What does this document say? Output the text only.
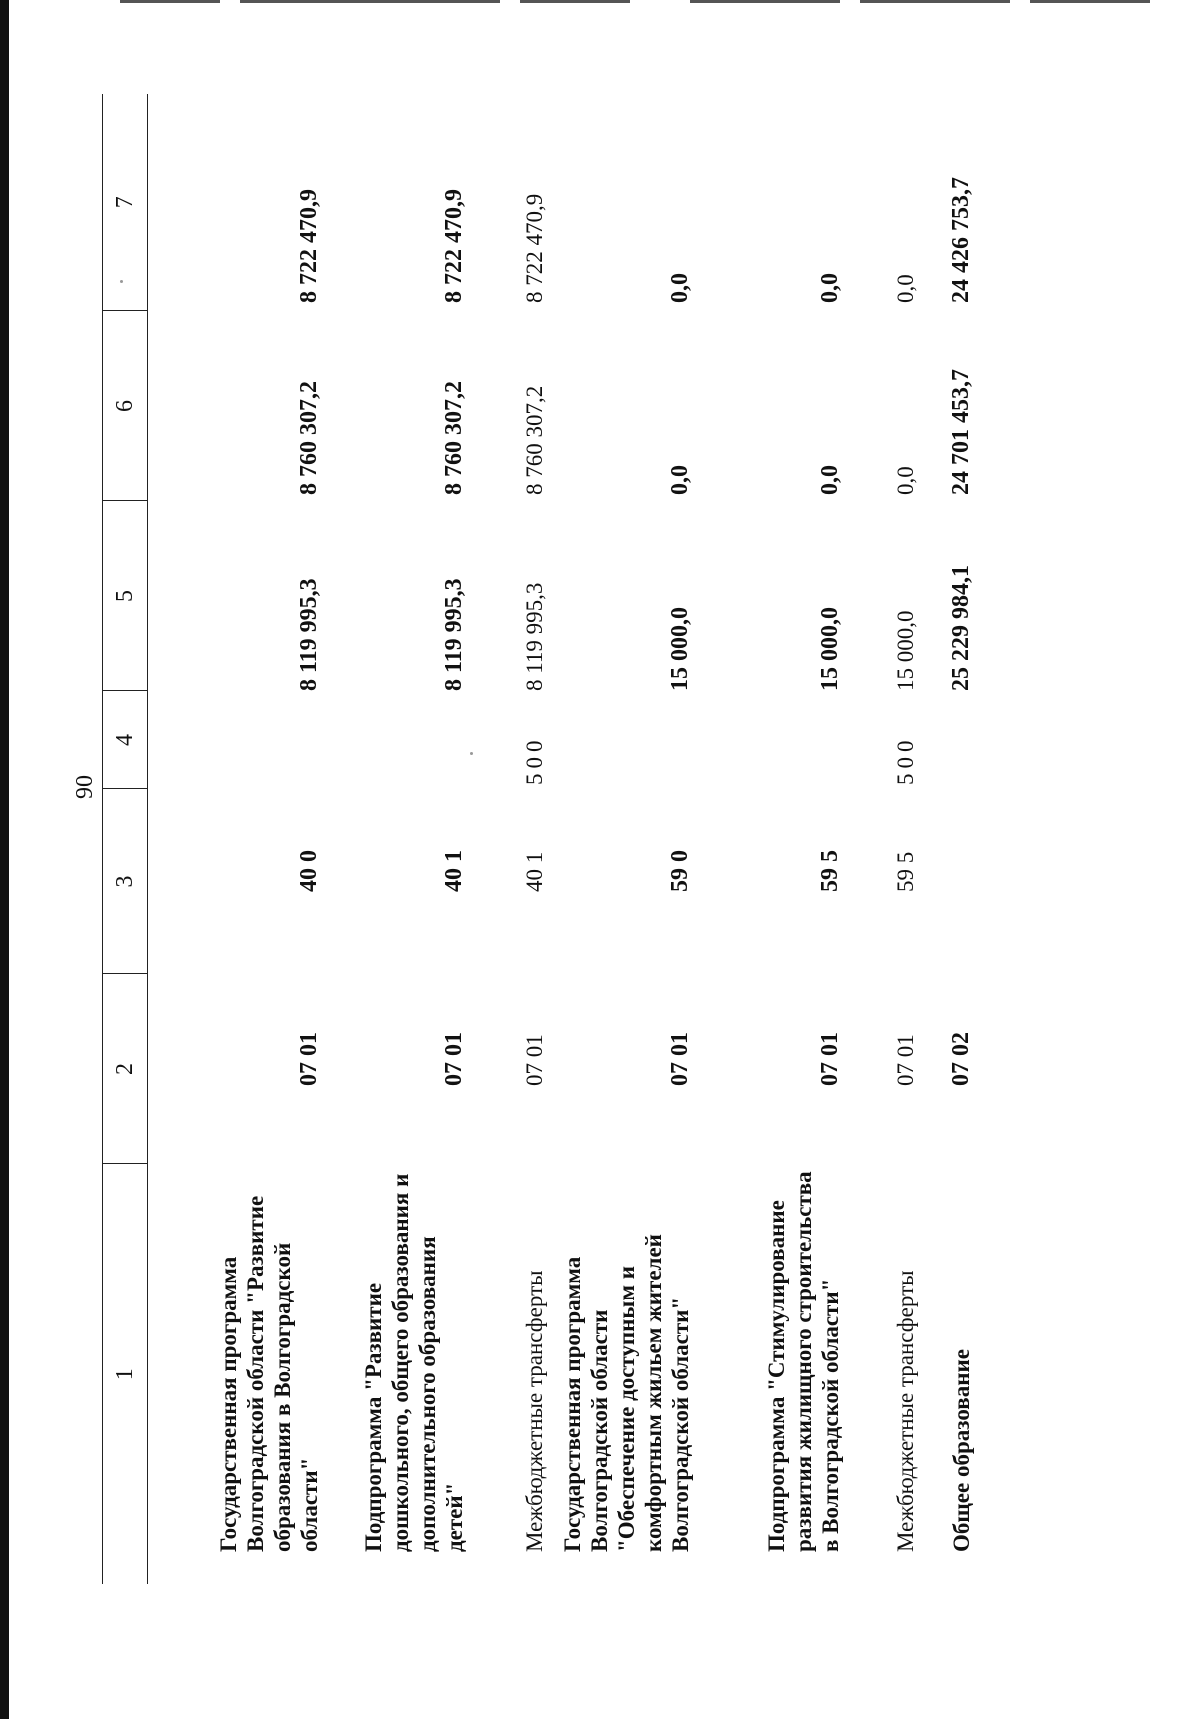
90
1	2	3	4	5	6	7
Государственная программа Волгоградской области "Развитие образования в Волгоградской области"	07 01	40 0		8 119 995,3	8 760 307,2	8 722 470,9
Подпрограмма "Развитие дошкольного, общего образования и дополнительного образования детей"	07 01	40 1		8 119 995,3	8 760 307,2	8 722 470,9
Межбюджетные трансферты	07 01	40 1	500	8 119 995,3	8 760 307,2	8 722 470,9
Государственная программа Волгоградской области "Обеспечение доступным и комфортным жильем жителей Волгоградской области"	07 01	59 0		15 000,0	0,0	0,0
Подпрограмма "Стимулирование развития жилищного строительства в Волгоградской области"	07 01	59 5		15 000,0	0,0	0,0
Межбюджетные трансферты	07 01	59 5	500	15 000,0	0,0	0,0
Общее образование	07 02			25 229 984,1	24 701 453,7	24 426 753,7
